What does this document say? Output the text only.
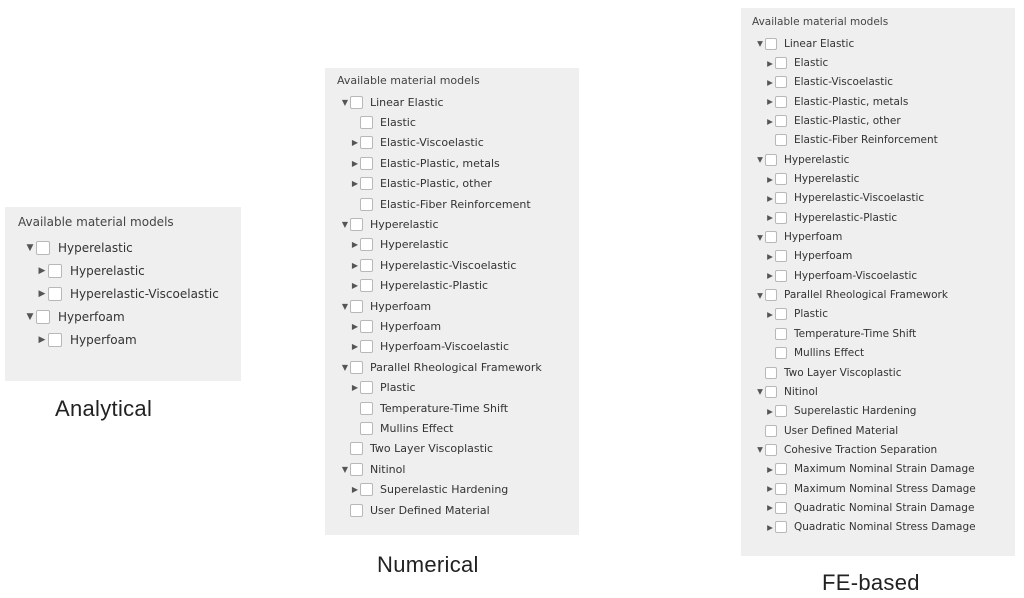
Available material models
▼ Hyperelastic
▶ Hyperelastic
▶ Hyperelastic-Viscoelastic
▼ Hyperfoam
▶ Hyperfoam
Available material models
▼ Linear Elastic
Elastic
▶ Elastic-Viscoelastic
▶ Elastic-Plastic, metals
▶ Elastic-Plastic, other
Elastic-Fiber Reinforcement
▼ Hyperelastic
▶ Hyperelastic
▶ Hyperelastic-Viscoelastic
▶ Hyperelastic-Plastic
▼ Hyperfoam
▶ Hyperfoam
▶ Hyperfoam-Viscoelastic
▼ Parallel Rheological Framework
▶ Plastic
Temperature-Time Shift
Mullins Effect
Two Layer Viscoplastic
▼ Nitinol
▶ Superelastic Hardening
User Defined Material
Available material models
▼ Linear Elastic
▶ Elastic
▶ Elastic-Viscoelastic
▶ Elastic-Plastic, metals
▶ Elastic-Plastic, other
Elastic-Fiber Reinforcement
▼ Hyperelastic
▶ Hyperelastic
▶ Hyperelastic-Viscoelastic
▶ Hyperelastic-Plastic
▼ Hyperfoam
▶ Hyperfoam
▶ Hyperfoam-Viscoelastic
▼ Parallel Rheological Framework
▶ Plastic
Temperature-Time Shift
Mullins Effect
Two Layer Viscoplastic
▼ Nitinol
▶ Superelastic Hardening
User Defined Material
▼ Cohesive Traction Separation
▶ Maximum Nominal Strain Damage
▶ Maximum Nominal Stress Damage
▶ Quadratic Nominal Strain Damage
▶ Quadratic Nominal Stress Damage
Analytical
Numerical
FE-based
